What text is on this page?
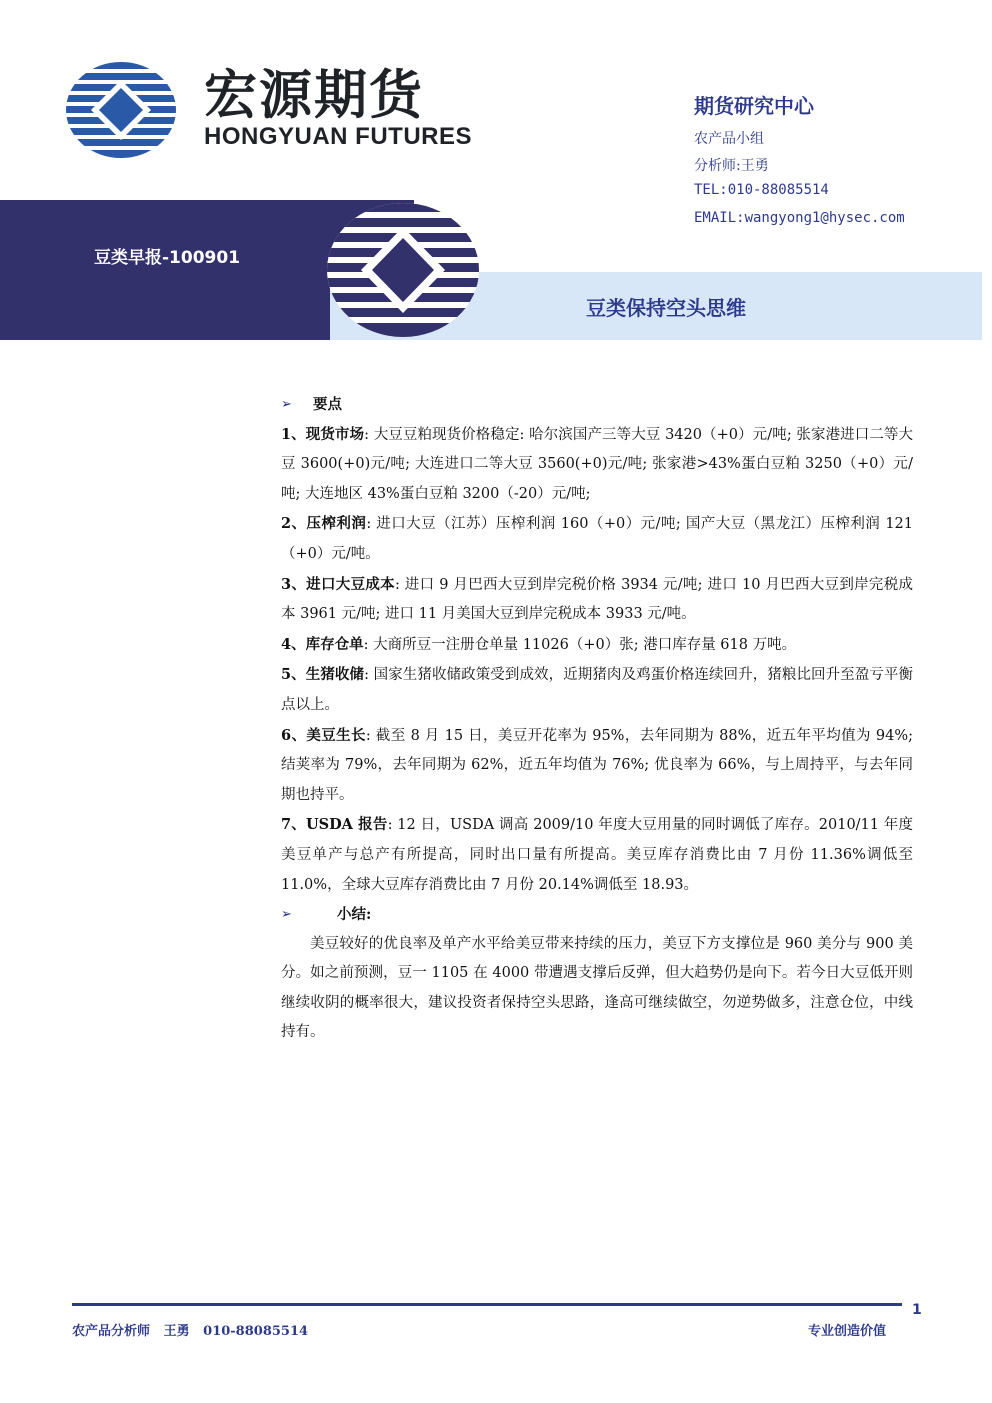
宏源期货
HONGYUAN FUTURES
期货研究中心
农产品小组
分析师:王勇
TEL:010-88085514
EMAIL:wangyong1@hysec.com
豆类早报-100901
豆类保持空头思维

➢	要点

1、现货市场: 大豆豆粕现货价格稳定: 哈尔滨国产三等大豆 3420（+0）元/吨; 张家港进口二等大豆 3600(+0)元/吨; 大连进口二等大豆 3560(+0)元/吨; 张家港>43%蛋白豆粕 3250（+0）元/吨; 大连地区 43%蛋白豆粕 3200（-20）元/吨;

2、压榨利润: 进口大豆（江苏）压榨利润 160（+0）元/吨; 国产大豆（黑龙江）压榨利润 121（+0）元/吨。

3、进口大豆成本: 进口 9 月巴西大豆到岸完税价格 3934 元/吨; 进口 10 月巴西大豆到岸完税成本 3961 元/吨; 进口 11 月美国大豆到岸完税成本 3933 元/吨。

4、库存仓单: 大商所豆一注册仓单量 11026（+0）张; 港口库存量 618 万吨。

5、生猪收储: 国家生猪收储政策受到成效，近期猪肉及鸡蛋价格连续回升，猪粮比回升至盈亏平衡点以上。

6、美豆生长: 截至 8 月 15 日，美豆开花率为 95%，去年同期为 88%，近五年平均值为 94%; 结荚率为 79%，去年同期为 62%，近五年均值为 76%; 优良率为 66%，与上周持平，与去年同期也持平。

7、USDA 报告: 12 日，USDA 调高 2009/10 年度大豆用量的同时调低了库存。2010/11 年度美豆单产与总产有所提高，同时出口量有所提高。美豆库存消费比由 7 月份 11.36%调低至 11.0%，全球大豆库存消费比由 7 月份 20.14%调低至 18.93。

➢	小结:

美豆较好的优良率及单产水平给美豆带来持续的压力，美豆下方支撑位是 960 美分与 900 美分。如之前预测，豆一 1105 在 4000 带遭遇支撑后反弹，但大趋势仍是向下。若今日大豆低开则继续收阴的概率很大，建议投资者保持空头思路，逢高可继续做空，勿逆势做多，注意仓位，中线持有。

1
农产品分析师   王勇   010-88085514	专业创造价值
